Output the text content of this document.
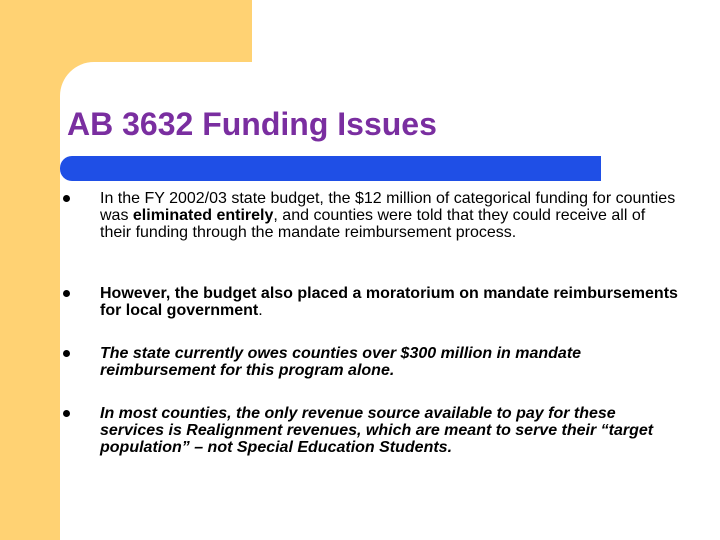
AB 3632 Funding Issues
In the FY 2002/03 state budget, the $12 million of categorical funding for counties was eliminated entirely, and counties were told that they could receive all of their funding through the mandate reimbursement process.
However, the budget also placed a moratorium on mandate reimbursements for local government.
The state currently owes counties over $300 million in mandate reimbursement for this program alone.
In most counties, the only revenue source available to pay for these services is Realignment revenues, which are meant to serve their “target population” – not Special Education Students.
